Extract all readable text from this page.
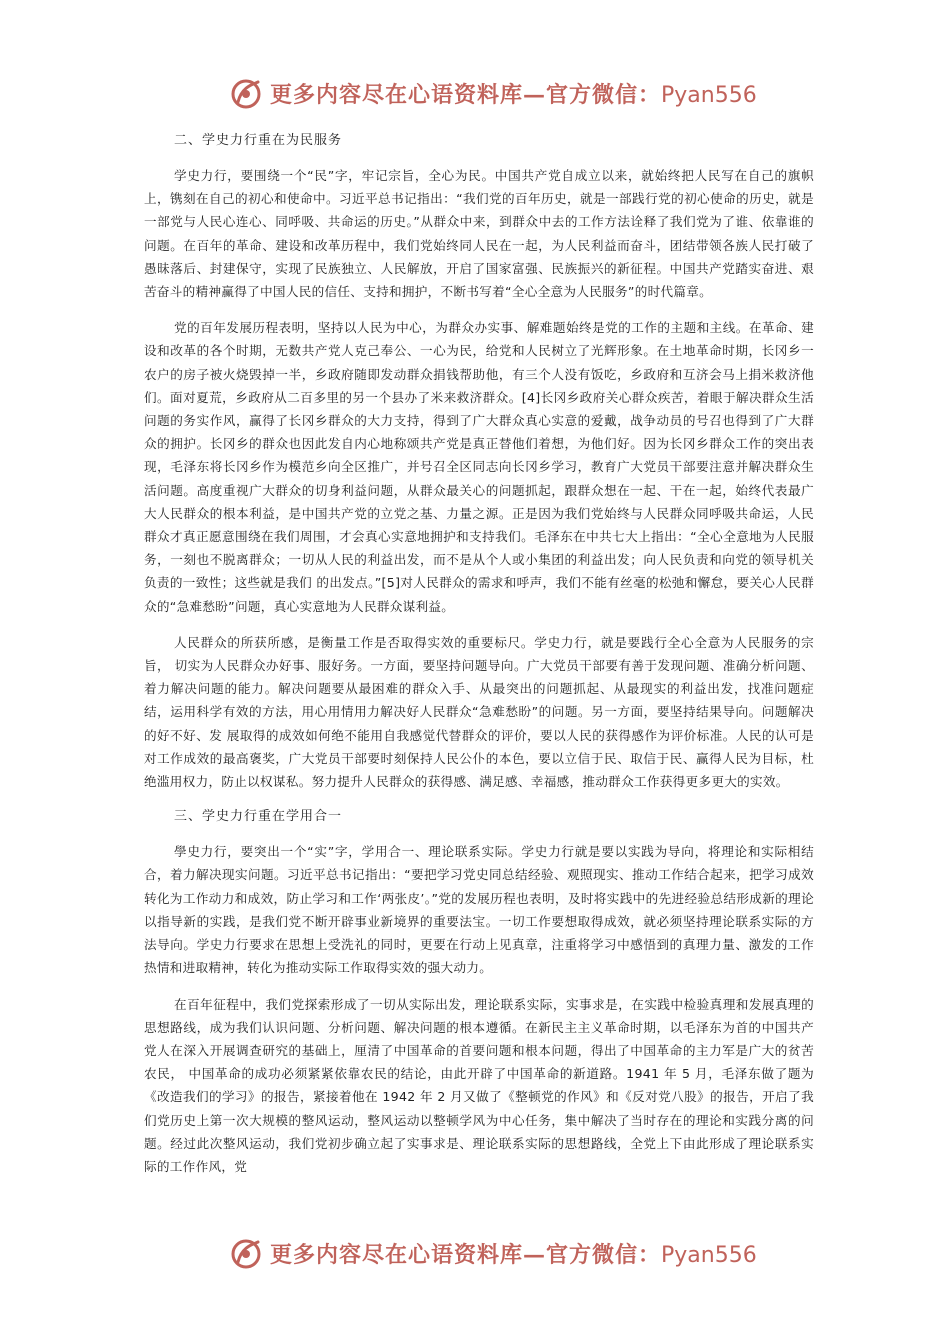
更多内容尽在心语资料库—官方微信：Pyan556
二、学史力行重在为民服务

学史力行，要围绕一个“民”字，牢记宗旨，全心为民。中国共产党自成立以来，就始终把人民写在自己的旗帜上，镌刻在自己的初心和使命中。习近平总书记指出：“我们党的百年历史，就是一部践行党的初心使命的历史，就是一部党与人民心连心、同呼吸、共命运的历史。”从群众中来，到群众中去的工作方法诠释了我们党为了谁、依靠谁的问题。在百年的革命、建设和改革历程中，我们党始终同人民在一起，为人民利益而奋斗，团结带领各族人民打破了愚昧落后、封建保守，实现了民族独立、人民解放，开启了国家富强、民族振兴的新征程。中国共产党踏实奋进、艰苦奋斗的精神赢得了中国人民的信任、支持和拥护，不断书写着“全心全意为人民服务”的时代篇章。

党的百年发展历程表明，坚持以人民为中心，为群众办实事、解难题始终是党的工作的主题和主线。在革命、建 设和改革的各个时期，无数共产党人克己奉公、一心为民，给党和人民树立了光辉形象。在土地革命时期，长冈乡一农户的房子被火烧毁掉一半，乡政府随即发动群众捐钱帮助他，有三个人没有饭吃，乡政府和互济会马上捐米救济他们。面对夏荒，乡政府从二百多里的另一个县办了米来救济群众。[4]长冈乡政府关心群众疾苦，着眼于解决群众生活问题的务实作风，赢得了长冈乡群众的大力支持，得到了广大群众真心实意的爱戴，战争动员的号召也得到了广大群众的拥护。长冈乡的群众也因此发自内心地称颂共产党是真正替他们着想，为他们好。因为长冈乡群众工作的突出表现，毛泽东将长冈乡作为模范乡向全区推广，并号召全区同志向长冈乡学习，教育广大党员干部要注意并解决群众生活问题。高度重视广大群众的切身利益问题，从群众最关心的问题抓起，跟群众想在一起、干在一起，始终代表最广大人民群众的根本利益，是中国共产党的立党之基、力量之源。正是因为我们党始终与人民群众同呼吸共命运，人民群众才真正愿意围绕在我们周围，才会真心实意地拥护和支持我们。毛泽东在中共七大上指出：“全心全意地为人民服务，一刻也不脱离群众；一切从人民的利益出发，而不是从个人或小集团的利益出发；向人民负责和向党的领导机关负责的一致性；这些就是我们 的出发点。”[5]对人民群众的需求和呼声，我们不能有丝毫的松弛和懈怠，要关心人民群众的“急难愁盼”问题，真心实意地为人民群众谋利益。

人民群众的所获所感，是衡量工作是否取得实效的重要标尺。学史力行，就是要践行全心全意为人民服务的宗旨， 切实为人民群众办好事、服好务。一方面，要坚持问题导向。广大党员干部要有善于发现问题、准确分析问题、着力解决问题的能力。解决问题要从最困难的群众入手、从最突出的问题抓起、从最现实的利益出发，找准问题症结，运用科学有效的方法，用心用情用力解决好人民群众“急难愁盼”的问题。另一方面，要坚持结果导向。问题解决的好不好、发 展取得的成效如何绝不能用自我感觉代替群众的评价，要以人民的获得感作为评价标准。人民的认可是对工作成效的最高褒奖，广大党员干部要时刻保持人民公仆的本色，要以立信于民、取信于民、赢得人民为目标，杜绝滥用权力，防止以权谋私。努力提升人民群众的获得感、满足感、幸福感，推动群众工作获得更多更大的实效。

三、学史力行重在学用合一

學史力行，要突出一个“实”字，学用合一、理论联系实际。学史力行就是要以实践为导向，将理论和实际相结合，着力解决现实问题。习近平总书记指出：“要把学习党史同总结经验、观照现实、推动工作结合起来，把学习成效转化为工作动力和成效，防止学习和工作‘两张皮’。”党的发展历程也表明，及时将实践中的先进经验总结形成新的理论以指导新的实践，是我们党不断开辟事业新境界的重要法宝。一切工作要想取得成效，就必须坚持理论联系实际的方法导向。学史力行要求在思想上受洗礼的同时，更要在行动上见真章，注重将学习中感悟到的真理力量、激发的工作热情和进取精神，转化为推动实际工作取得实效的强大动力。

在百年征程中，我们党探索形成了一切从实际出发，理论联系实际，实事求是，在实践中检验真理和发展真理的 思想路线，成为我们认识问题、分析问题、解决问题的根本遵循。在新民主主义革命时期，以毛泽东为首的中国共产党人在深入开展调查研究的基础上，厘清了中国革命的首要问题和根本问题，得出了中国革命的主力军是广大的贫苦农民， 中国革命的成功必须紧紧依靠农民的结论，由此开辟了中国革命的新道路。1941 年 5 月，毛泽东做了题为《改造我们的学习》的报告，紧接着他在 1942 年 2 月又做了《整顿党的作风》和《反对党八股》的报告，开启了我们党历史上第一次大规模的整风运动，整风运动以整顿学风为中心任务，集中解决了当时存在的理论和实践分离的问题。经过此次整风运动，我们党初步确立起了实事求是、理论联系实际的思想路线，全党上下由此形成了理论联系实际的工作作风，党

更多内容尽在心语资料库—官方微信：Pyan556
